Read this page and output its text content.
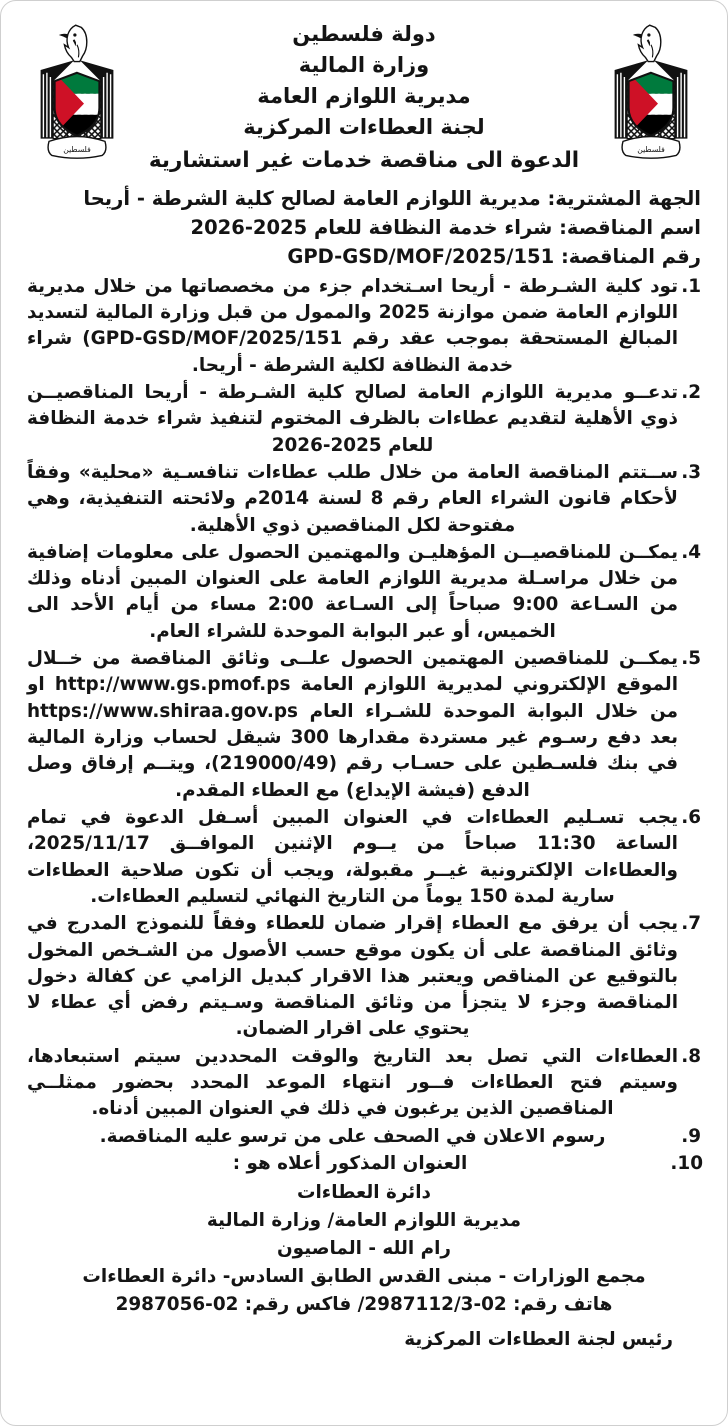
فلسطين	فلسطين
دولة فلسطين
وزارة المالية
مديرية اللوازم العامة
لجنة العطاءات المركزية
الدعوة الى مناقصة خدمات غير استشارية
الجهة المشترية: مديرية اللوازم العامة لصالح كلية الشرطة - أريحا
اسم المناقصة: شراء خدمة النظافة للعام 2025-2026
رقم المناقصة: GPD-GSD/MOF/2025/151
1.
تود كلية الشـرطة - أريحا اسـتخدام جزء من مخصصاتها من خلال مديرية اللوازم العامة ضمن موازنة 2025 والممول من قبل وزارة المالية لتسديد المبالغ المستحقة بموجب عقد رقم GPD-GSD/MOF/2025/151) شراء خدمة النظافة لكلية الشرطة - أريحا.
2.
تدعــو مديرية اللوازم العامة لصالح كلية الشـرطة - أريحا المناقصيــن ذوي الأهلية لتقديم عطاءات بالظرف المختوم لتنفيذ شراء خدمة النظافة للعام 2025-2026
3.
ســتتم المناقصة العامة من خلال طلب عطاءات تنافسـية «محلية» وفقاً لأحكام قانون الشراء العام رقم 8 لسنة 2014م ولائحته التنفيذية، وهي مفتوحة لكل المناقصين ذوي الأهلية.
4.
يمكــن للمناقصيــن المؤهليـن والمهتمين الحصول على معلومات إضافية من خلال مراسـلة مديرية اللوازم العامة على العنوان المبين أدناه وذلك من السـاعة 9:00 صباحاً إلى السـاعة 2:00 مساء من أيام الأحد الى الخميس، أو عبر البوابة الموحدة للشراء العام.
5.
يمكــن للمناقصين المهتمين الحصول علــى وثائق المناقصة من خــلال الموقع الإلكتروني لمديرية اللوازم العامة http://www.gs.pmof.ps او من خلال البوابة الموحدة للشـراء العام https://www.shiraa.gov.ps بعد دفع رسـوم غير مستردة مقدارها 300 شيقل لحساب وزارة المالية في بنك فلسـطين على حسـاب رقم (219000/49)، ويتــم إرفاق وصل الدفع (فيشة الإيداع) مع العطاء المقدم.
6.
يجب تسـليم العطاءات في العنوان المبين أسـفل الدعوة في تمام الساعة 11:30 صباحاً من يــوم الإثنين الموافــق 2025/11/17، والعطاءات الإلكترونية غيــر مقبولة، ويجب أن تكون صلاحية العطاءات سارية لمدة 150 يوماً من التاريخ النهائي لتسليم العطاءات.
7.
يجب أن يرفق مع العطاء إقرار ضمان للعطاء وفقاً للنموذج المدرج في وثائق المناقصة على أن يكون موقع حسب الأصول من الشـخص المخول بالتوقيع عن المناقص ويعتبر هذا الاقرار كبديل الزامي عن كفالة دخول المناقصة وجزء لا يتجزأ من وثائق المناقصة وسـيتم رفض أي عطاء لا يحتوي على اقرار الضمان.
8.
العطاءات التي تصل بعد التاريخ والوقت المحددين سيتم استبعادها، وسيتم فتح العطاءات فــور انتهاء الموعد المحدد بحضور ممثلــي المناقصين الذين يرغبون في ذلك في العنوان المبين أدناه.
9.
رسوم الاعلان في الصحف على من ترسو عليه المناقصة.
10.
العنوان المذكور أعلاه هو :
دائرة العطاءات
مديرية اللوازم العامة/ وزارة المالية
رام الله - الماصيون
مجمع الوزارات - مبنى القدس الطابق السادس- دائرة العطاءات
هاتف رقم: 02-2987112/3/ فاكس رقم: 02-2987056
رئيس لجنة العطاءات المركزية
